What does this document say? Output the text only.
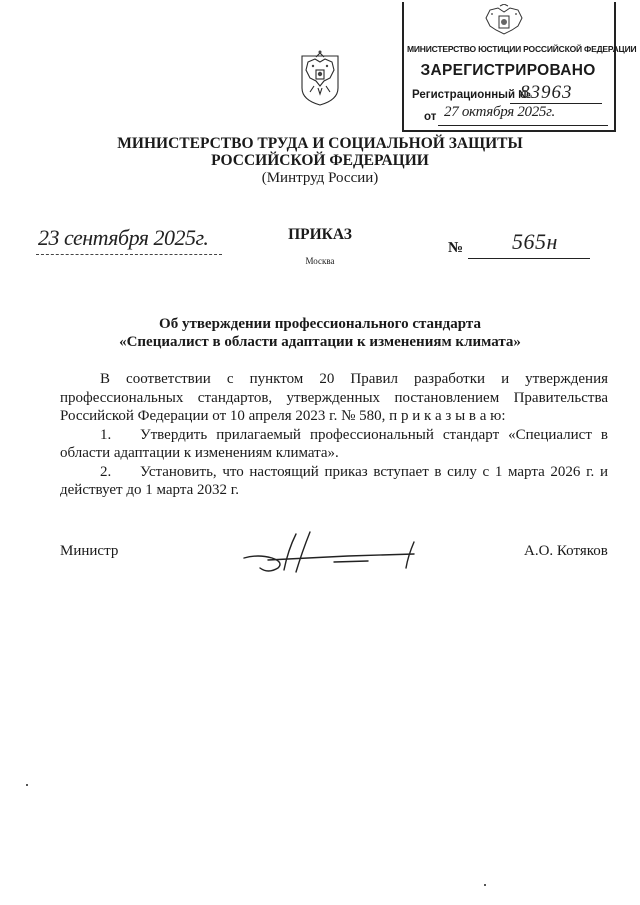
МИНИСТЕРСТВО ЮСТИЦИИ РОССИЙСКОЙ ФЕДЕРАЦИИ
ЗАРЕГИСТРИРОВАНО
Регистрационный №
83963
от 27 октября 2025г.
МИНИСТЕРСТВО ТРУДА И СОЦИАЛЬНОЙ ЗАЩИТЫ
РОССИЙСКОЙ ФЕДЕРАЦИИ
(Минтруд России)
23 сентября 2025г.	ПРИКАЗ
Москва
№ 565н
Об утверждении профессионального стандарта
«Специалист в области адаптации к изменениям климата»

В соответствии с пунктом 20 Правил разработки и утверждения профессиональных стандартов, утвержденных постановлением Правительства Российской Федерации от 10 апреля 2023 г. № 580, п р и к а з ы в а ю:

1. Утвердить прилагаемый профессиональный стандарт «Специалист в области адаптации к изменениям климата».

2. Установить, что настоящий приказ вступает в силу с 1 марта 2026 г. и действует до 1 марта 2032 г.

Министр	А.О. Котяков
